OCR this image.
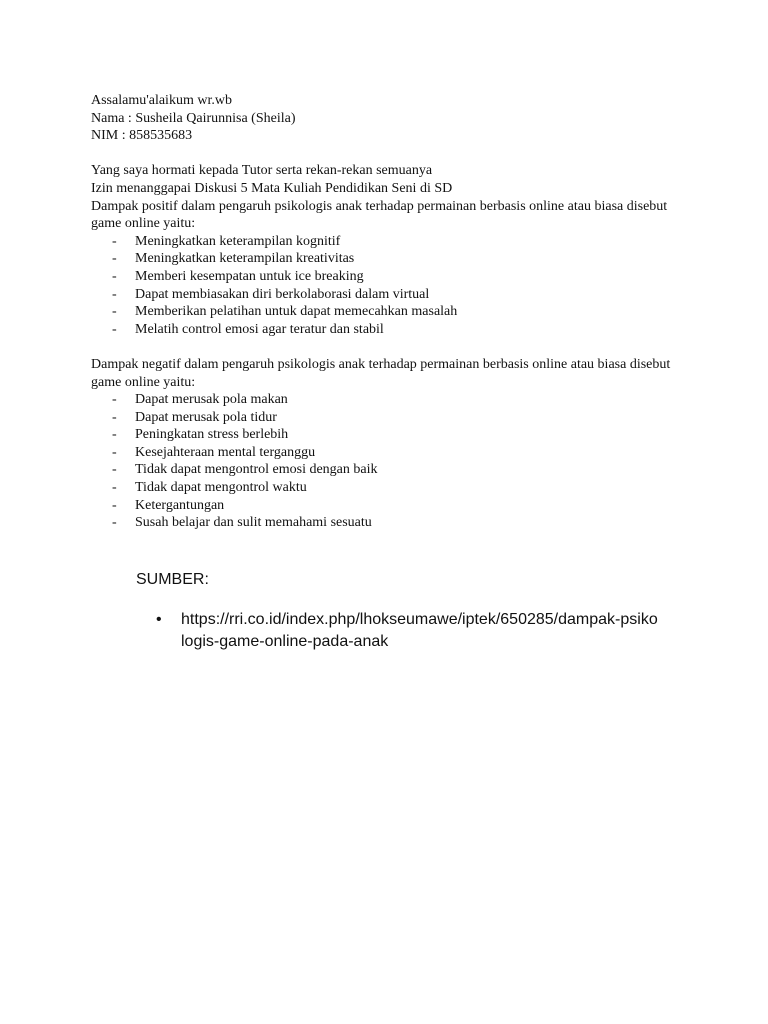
Assalamu'alaikum wr.wb
Nama : Susheila Qairunnisa (Sheila)
NIM : 858535683
Yang saya hormati kepada Tutor serta rekan-rekan semuanya
Izin menanggapai Diskusi 5 Mata Kuliah Pendidikan Seni di SD
Dampak positif dalam pengaruh psikologis anak terhadap permainan berbasis online atau biasa disebut game online yaitu:
- Meningkatkan keterampilan kognitif
- Meningkatkan keterampilan kreativitas
- Memberi kesempatan untuk ice breaking
- Dapat membiasakan diri berkolaborasi dalam virtual
- Memberikan pelatihan untuk dapat memecahkan masalah
- Melatih control emosi agar teratur dan stabil
Dampak negatif dalam pengaruh psikologis anak terhadap permainan berbasis online atau biasa disebut game online yaitu:
- Dapat merusak pola makan
- Dapat merusak pola tidur
- Peningkatan stress berlebih
- Kesejahteraan mental terganggu
- Tidak dapat mengontrol emosi dengan baik
- Tidak dapat mengontrol waktu
- Ketergantungan
- Susah belajar dan sulit memahami sesuatu
SUMBER:
• https://rri.co.id/index.php/lhokseumawe/iptek/650285/dampak-psikologis-game-online-pada-anak
